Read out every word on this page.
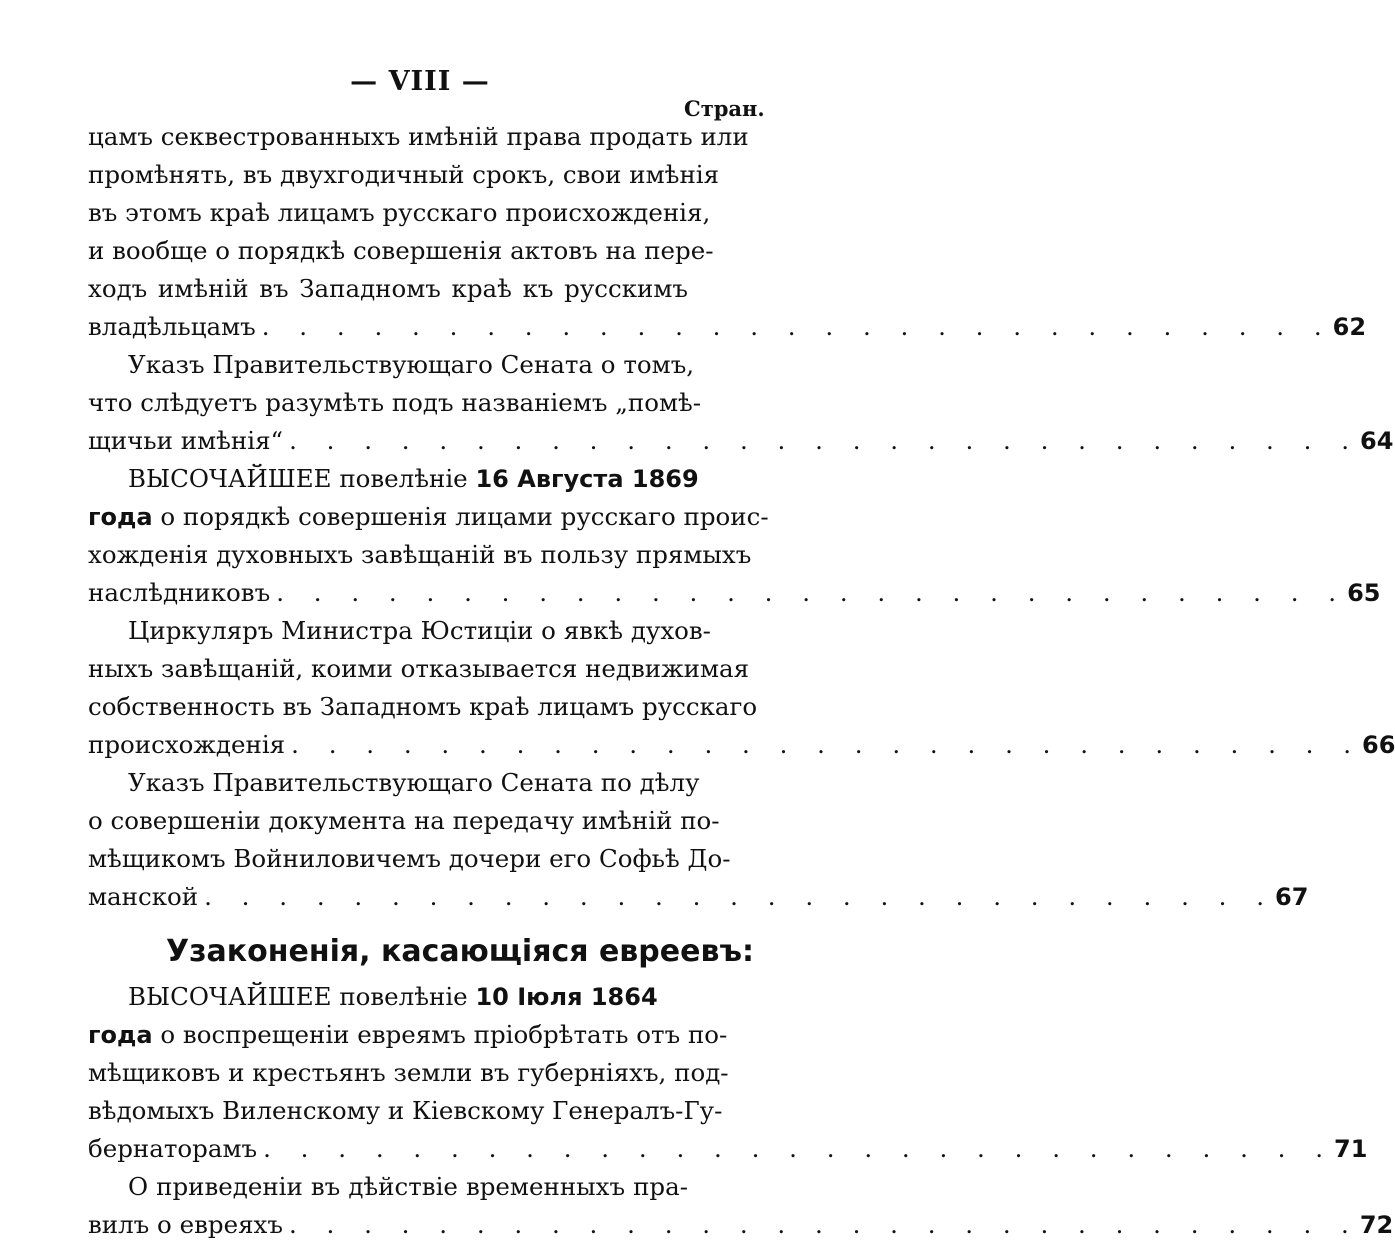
— VIII —
Стран.
цамъ секвестрованныхъ имѣній права продать или
промѣнять, въ двухгодичный срокъ, свои имѣнія
въ этомъ краѣ лицамъ русскаго происхожденія,
и вообще о порядкѣ совершенія актовъ на пере-
ходъ имѣній въ Западномъ краѣ къ русскимъ
владѣльцамъ . . . . . . . . . . . . . . . . . . . . . . . . . . . . . 62
Указъ Правительствующаго Сената о томъ,
что слѣдуетъ разумѣть подъ названіемъ „помѣ-
щичьи имѣнія“ . . . . . . . . . . . . . . . . . . . . . . . . . . . . . 64
ВЫСОЧАЙШЕЕ повелѣніе 16 Августа 1869
года о порядкѣ совершенія лицами русскаго проис-
хожденія духовныхъ завѣщаній въ пользу прямыхъ
наслѣдниковъ . . . . . . . . . . . . . . . . . . . . . . . . . . . . . 65
Циркуляръ Министра Юстиціи о явкѣ духов-
ныхъ завѣщаній, коими отказывается недвижимая
собственность въ Западномъ краѣ лицамъ русскаго
происхожденія . . . . . . . . . . . . . . . . . . . . . . . . . . . . . 66
Указъ Правительствующаго Сената по дѣлу
о совершеніи документа на передачу имѣній по-
мѣщикомъ Войниловичемъ дочери его Софьѣ До-
манской . . . . . . . . . . . . . . . . . . . . . . . . . . . . . 67
Узаконенія, касающіяся евреевъ:
ВЫСОЧАЙШЕЕ повелѣніе 10 Іюля 1864
года о воспрещеніи евреямъ пріобрѣтать отъ по-
мѣщиковъ и крестьянъ земли въ губерніяхъ, под-
вѣдомыхъ Виленскому и Кіевскому Генералъ-Гу-
бернаторамъ . . . . . . . . . . . . . . . . . . . . . . . . . . . . . 71
О приведеніи въ дѣйствіе временныхъ пра-
вилъ о евреяхъ . . . . . . . . . . . . . . . . . . . . . . . . . . . . . 72
